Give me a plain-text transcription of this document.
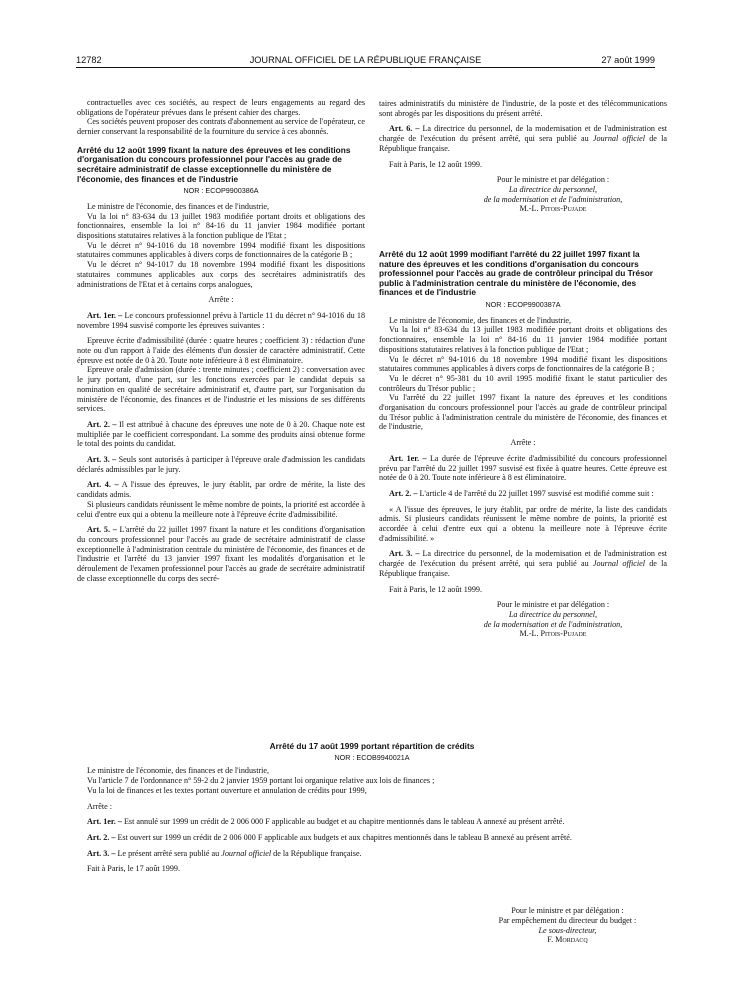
12782	JOURNAL OFFICIEL DE LA RÉPUBLIQUE FRANÇAISE	27 août 1999

contractuelles avec ces sociétés, au respect de leurs engagements au regard des obligations de l'opérateur prévues dans le présent cahier des charges.

Ces sociétés peuvent proposer des contrats d'abonnement au service de l'opérateur, ce dernier conservant la responsabilité de la fourniture du service à ces abonnés.

Arrêté du 12 août 1999 fixant la nature des épreuves et les conditions d'organisation du concours professionnel pour l'accès au grade de secrétaire administratif de classe exceptionnelle du ministère de l'économie, des finances et de l'industrie

NOR : ECOP9900386A

Le ministre de l'économie, des finances et de l'industrie,

Vu la loi n° 83-634 du 13 juillet 1983 modifiée portant droits et obligations des fonctionnaires, ensemble la loi n° 84-16 du 11 janvier 1984 modifiée portant dispositions statutaires relatives à la fonction publique de l'Etat ;

Vu le décret n° 94-1016 du 18 novembre 1994 modifié fixant les dispositions statutaires communes applicables à divers corps de fonctionnaires de la catégorie B ;

Vu le décret n° 94-1017 du 18 novembre 1994 modifié fixant les dispositions statutaires communes applicables aux corps des secrétaires administratifs des administrations de l'Etat et à certains corps analogues,

Arrête :

Art. 1er. – Le concours professionnel prévu à l'article 11 du décret n° 94-1016 du 18 novembre 1994 susvisé comporte les épreuves suivantes :

Epreuve écrite d'admissibilité (durée : quatre heures ; coefficient 3) : rédaction d'une note ou d'un rapport à l'aide des éléments d'un dossier de caractère administratif. Cette épreuve est notée de 0 à 20. Toute note inférieure à 8 est éliminatoire.

Epreuve orale d'admission (durée : trente minutes ; coefficient 2) : conversation avec le jury portant, d'une part, sur les fonctions exercées par le candidat depuis sa nomination en qualité de secrétaire administratif et, d'autre part, sur l'organisation du ministère de l'économie, des finances et de l'industrie et les missions de ses différents services.

Art. 2. – Il est attribué à chacune des épreuves une note de 0 à 20. Chaque note est multipliée par le coefficient correspondant. La somme des produits ainsi obtenue forme le total des points du candidat.

Art. 3. – Seuls sont autorisés à participer à l'épreuve orale d'admission les candidats déclarés admissibles par le jury.

Art. 4. – A l'issue des épreuves, le jury établit, par ordre de mérite, la liste des candidats admis.

Si plusieurs candidats réunissent le même nombre de points, la priorité est accordée à celui d'entre eux qui a obtenu la meilleure note à l'épreuve écrite d'admissibilité.

Art. 5. – L'arrêté du 22 juillet 1997 fixant la nature et les conditions d'organisation du concours professionnel pour l'accès au grade de secrétaire administratif de classe exceptionnelle à l'administration centrale du ministère de l'économie, des finances et de l'industrie et l'arrêté du 13 janvier 1997 fixant les modalités d'organisation et le déroulement de l'examen professionnel pour l'accès au grade de secrétaire administratif de classe exceptionnelle du corps des secré-

taires administratifs du ministère de l'industrie, de la poste et des télécommunications sont abrogés par les dispositions du présent arrêté.

Art. 6. – La directrice du personnel, de la modernisation et de l'administration est chargée de l'exécution du présent arrêté, qui sera publié au Journal officiel de la République française.

Fait à Paris, le 12 août 1999.

Pour le ministre et par délégation :
La directrice du personnel,
de la modernisation et de l'administration,
M.-L. Pitois-Pujade

Arrêté du 12 août 1999 modifiant l'arrêté du 22 juillet 1997 fixant la nature des épreuves et les conditions d'organisation du concours professionnel pour l'accès au grade de contrôleur principal du Trésor public à l'administration centrale du ministère de l'économie, des finances et de l'industrie

NOR : ECOP9900387A

Le ministre de l'économie, des finances et de l'industrie,

Vu la loi n° 83-634 du 13 juillet 1983 modifiée portant droits et obligations des fonctionnaires, ensemble la loi n° 84-16 du 11 janvier 1984 modifiée portant dispositions statutaires relatives à la fonction publique de l'Etat ;

Vu le décret n° 94-1016 du 18 novembre 1994 modifié fixant les dispositions statutaires communes applicables à divers corps de fonctionnaires de la catégorie B ;

Vu le décret n° 95-381 du 10 avril 1995 modifié fixant le statut particulier des contrôleurs du Trésor public ;

Vu l'arrêté du 22 juillet 1997 fixant la nature des épreuves et les conditions d'organisation du concours professionnel pour l'accès au grade de contrôleur principal du Trésor public à l'administration centrale du ministère de l'économie, des finances et de l'industrie,

Arrête :

Art. 1er. – La durée de l'épreuve écrite d'admissibilité du concours professionnel prévu par l'arrêté du 22 juillet 1997 susvisé est fixée à quatre heures. Cette épreuve est notée de 0 à 20. Toute note inférieure à 8 est éliminatoire.

Art. 2. – L'article 4 de l'arrêté du 22 juillet 1997 susvisé est modifié comme suit :

« A l'issue des épreuves, le jury établit, par ordre de mérite, la liste des candidats admis. Si plusieurs candidats réunissent le même nombre de points, la priorité est accordée à celui d'entre eux qui a obtenu la meilleure note à l'épreuve écrite d'admissibilité. »

Art. 3. – La directrice du personnel, de la modernisation et de l'administration est chargée de l'exécution du présent arrêté, qui sera publié au Journal officiel de la République française.

Fait à Paris, le 12 août 1999.

Pour le ministre et par délégation :
La directrice du personnel,
de la modernisation et de l'administration,
M.-L. Pitois-Pujade
Arrêté du 17 août 1999 portant répartition de crédits
NOR : ECOB9940021A

Le ministre de l'économie, des finances et de l'industrie,

Vu l'article 7 de l'ordonnance n° 59-2 du 2 janvier 1959 portant loi organique relative aux lois de finances ;

Vu la loi de finances et les textes portant ouverture et annulation de crédits pour 1999,

Arrête :

Art. 1er. – Est annulé sur 1999 un crédit de 2 006 000 F applicable au budget et au chapitre mentionnés dans le tableau A annexé au présent arrêté.

Art. 2. – Est ouvert sur 1999 un crédit de 2 006 000 F applicable aux budgets et aux chapitres mentionnés dans le tableau B annexé au présent arrêté.

Art. 3. – Le présent arrêté sera publié au Journal officiel de la République française.

Fait à Paris, le 17 août 1999.

Pour le ministre et par délégation :
Par empêchement du directeur du budget :
Le sous-directeur,
F. Mordacq
